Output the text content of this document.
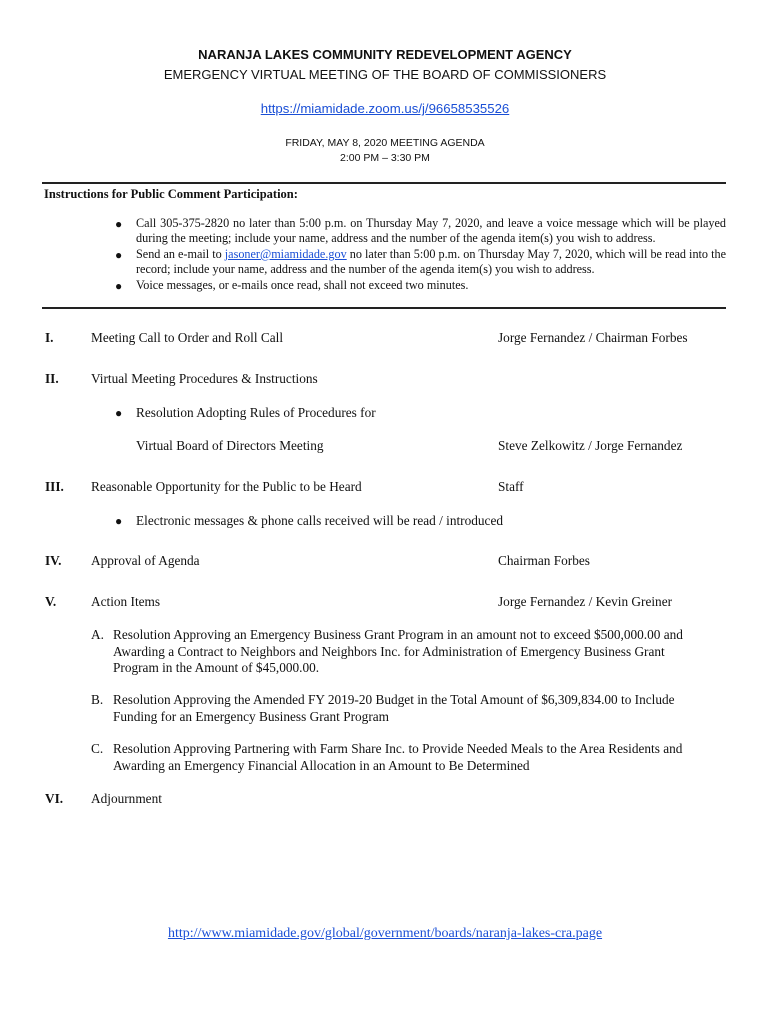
NARANJA LAKES COMMUNITY REDEVELOPMENT AGENCY
EMERGENCY VIRTUAL MEETING OF THE BOARD OF COMMISSIONERS
https://miamidade.zoom.us/j/96658535526
FRIDAY, MAY 8, 2020 MEETING AGENDA
2:00 PM – 3:30 PM
Instructions for Public Comment Participation:
● Call 305-375-2820 no later than 5:00 p.m. on Thursday May 7, 2020, and leave a voice message which will be played during the meeting; include your name, address and the number of the agenda item(s) you wish to address.
● Send an e-mail to jasoner@miamidade.gov no later than 5:00 p.m. on Thursday May 7, 2020, which will be read into the record; include your name, address and the number of the agenda item(s) you wish to address.
● Voice messages, or e-mails once read, shall not exceed two minutes.
I.	Meeting Call to Order and Roll Call	Jorge Fernandez / Chairman Forbes
II. Virtual Meeting Procedures & Instructions
● Resolution Adopting Rules of Procedures for
Virtual Board of Directors Meeting	Steve Zelkowitz / Jorge Fernandez
III. Reasonable Opportunity for the Public to be Heard	Staff
● Electronic messages & phone calls received will be read / introduced
IV. Approval of Agenda	Chairman Forbes
V.	Action Items	Jorge Fernandez / Kevin Greiner
A. Resolution Approving an Emergency Business Grant Program in an amount not to exceed $500,000.00 and Awarding a Contract to Neighbors and Neighbors Inc. for Administration of Emergency Business Grant Program in the Amount of $45,000.00.
B. Resolution Approving the Amended FY 2019-20 Budget in the Total Amount of $6,309,834.00 to Include Funding for an Emergency Business Grant Program
C. Resolution Approving Partnering with Farm Share Inc. to Provide Needed Meals to the Area Residents and Awarding an Emergency Financial Allocation in an Amount to Be Determined
VI. Adjournment
http://www.miamidade.gov/global/government/boards/naranja-lakes-cra.page
